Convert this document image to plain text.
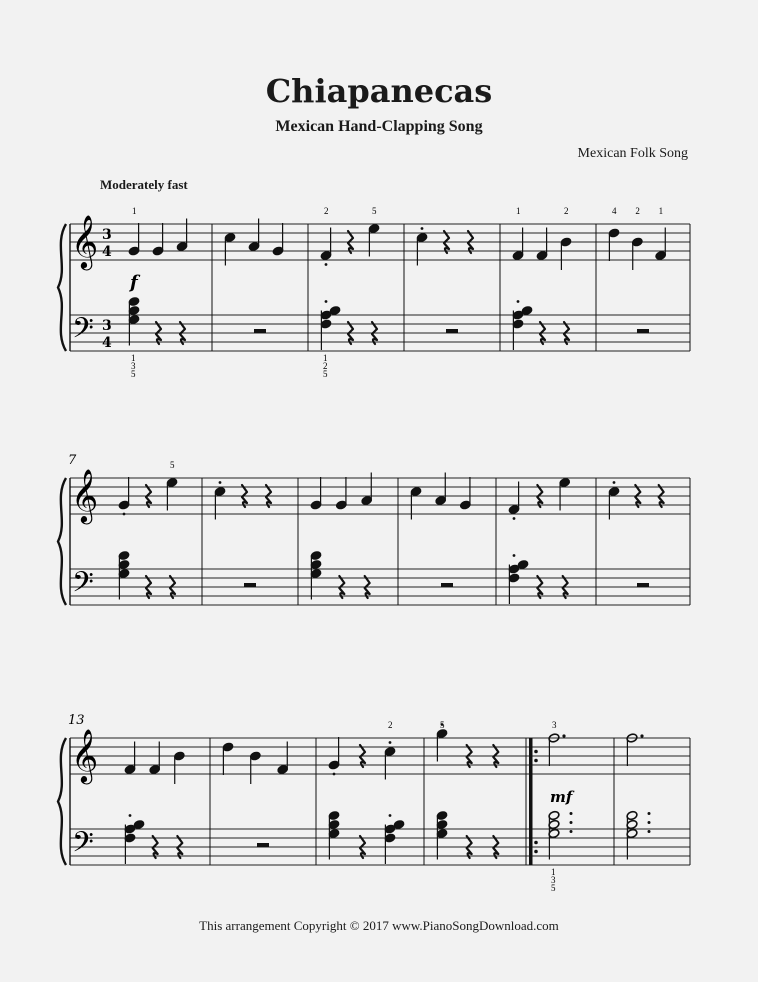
Chiapanecas
Mexican Hand-Clapping Song
Mexican Folk Song
Moderately fast
𝄞
𝄢
3
4
3
4
1
f
1
3
5
2	5
1
2
5
1	2	4 2 1
𝄞
𝄢
7	5
𝄞
𝄢
13	2	5	3
mf
1
3
5
This arrangement Copyright © 2017 www.PianoSongDownload.com
